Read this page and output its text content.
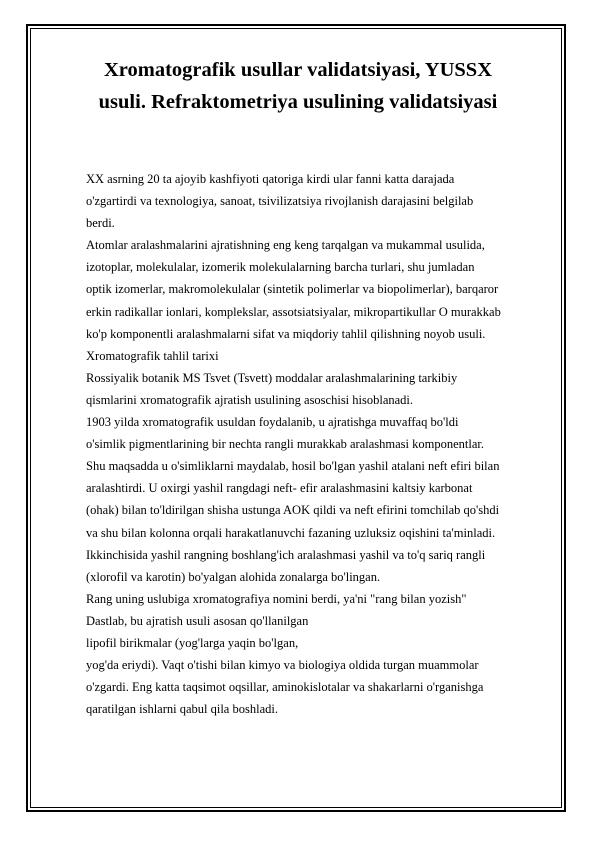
Xromatografik usullar validatsiyasi, YUSSX
usuli. Refraktometriya usulining validatsiyasi
XX asrning 20 ta ajoyib kashfiyoti qatoriga kirdi ular fanni katta darajada
o'zgartirdi va texnologiya, sanoat, tsivilizatsiya rivojlanish darajasini belgilab
berdi.
Atomlar aralashmalarini ajratishning eng keng tarqalgan va mukammal usulida,
izotoplar, molekulalar, izomerik molekulalarning barcha turlari, shu jumladan
optik izomerlar, makromolekulalar (sintetik polimerlar va biopolimerlar), barqaror
erkin radikallar ionlari, komplekslar, assotsiatsiyalar, mikropartikullar O murakkab
ko'p komponentli aralashmalarni sifat va miqdoriy tahlil qilishning noyob usuli.
Xromatografik tahlil tarixi
Rossiyalik botanik MS Tsvet (Tsvett) moddalar aralashmalarining tarkibiy
qismlarini xromatografik ajratish usulining asoschisi hisoblanadi.
1903 yilda xromatografik usuldan foydalanib, u ajratishga muvaffaq bo'ldi
o'simlik pigmentlarining bir nechta rangli murakkab aralashmasi komponentlar.
Shu maqsadda u o'simliklarni maydalab, hosil bo'lgan yashil atalani neft efiri bilan
aralashtirdi. U oxirgi yashil rangdagi neft- efir aralashmasini kaltsiy karbonat
(ohak) bilan to'ldirilgan shisha ustunga AOK qildi va neft efirini tomchilab qo'shdi
va shu bilan kolonna orqali harakatlanuvchi fazaning uzluksiz oqishini ta'minladi.
Ikkinchisida yashil rangning boshlang'ich aralashmasi yashil va to'q sariq rangli
(xlorofil va karotin) bo'yalgan alohida zonalarga bo'lingan.
Rang uning uslubiga xromatografiya nomini berdi, ya'ni "rang bilan yozish"
Dastlab, bu ajratish usuli asosan qo'llanilgan
lipofil birikmalar (yog'larga yaqin bo'lgan,
yog'da eriydi). Vaqt o'tishi bilan kimyo va biologiya oldida turgan muammolar
o'zgardi. Eng katta taqsimot oqsillar, aminokislotalar va shakarlarni o'rganishga
qaratilgan ishlarni qabul qila boshladi.
